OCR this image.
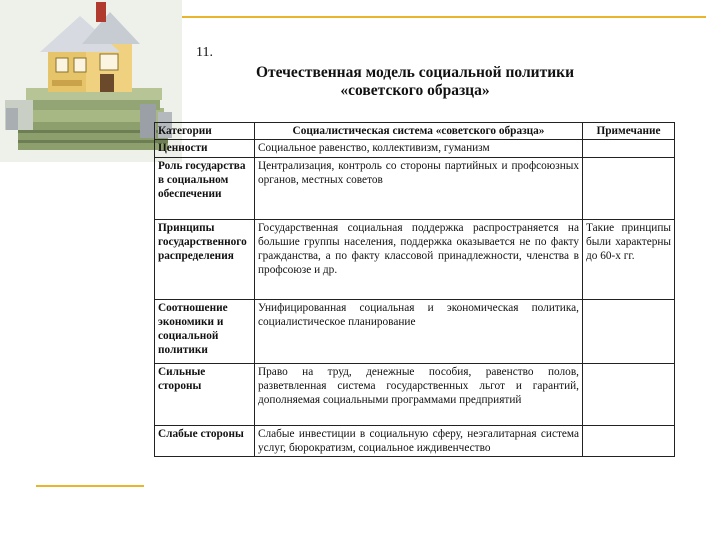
11.
Отечественная модель социальной политики
«советского образца»
Категории	Социалистическая система «советского образца»	Примечание
Ценности	Социальное равенство, коллективизм, гуманизм	
Роль государства в социальном обеспечении	Централизация, контроль со стороны партийных и профсоюзных органов, местных советов	
Принципы государственного распределения	Государственная социальная поддержка распространяется на большие группы населения, поддержка оказывается не по факту гражданства, а по факту классовой принадлежности, членства в профсоюзе и др.	Такие принципы были характерны до 60-х гг.
Соотношение экономики и социальной политики	Унифицированная социальная и экономическая политика, социалистическое планирование	
Сильные стороны	Право на труд, денежные пособия, равенство полов, разветвленная система государственных льгот и гарантий, дополняемая социальными программами предприятий	
Слабые стороны	Слабые инвестиции в социальную сферу, неэгалитарная система услуг, бюрократизм, социальное иждивенчество	
